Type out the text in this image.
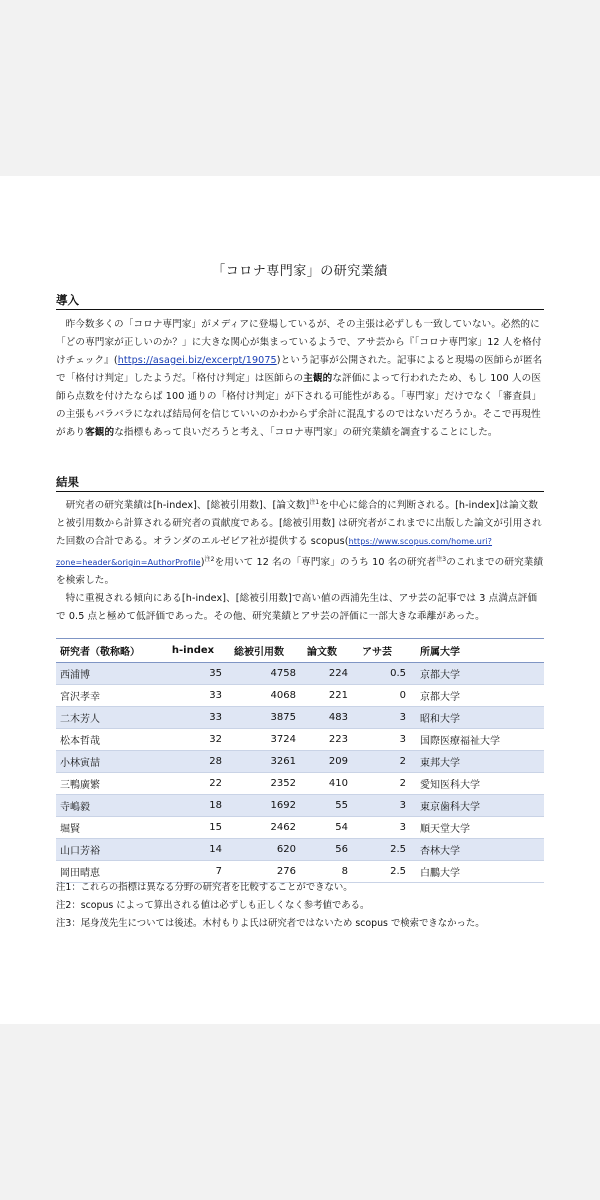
「コロナ専門家」の研究業績
導入

昨今数多くの「コロナ専門家」がメディアに登場しているが、その主張は必ずしも一致していない。必然的に「どの専門家が正しいのか？」に大きな関心が集まっているようで、アサ芸から『「コロナ専門家」12 人を格付けチェック』(https://asagei.biz/excerpt/19075)という記事が公開された。記事によると現場の医師らが匿名で「格付け判定」したようだ。「格付け判定」は医師らの主観的な評価によって行われたため、もし 100 人の医師ら点数を付けたならば 100 通りの「格付け判定」が下される可能性がある。「専門家」だけでなく「審査員」の主張もバラバラになれば結局何を信じていいのかわからず余計に混乱するのではないだろうか。そこで再現性があり客観的な指標もあって良いだろうと考え、「コロナ専門家」の研究業績を調査することにした。

結果

研究者の研究業績は[h-index]、[総被引用数]、[論文数]$^{注1}$を中心に総合的に判断される。[h-index]は論文数と被引用数から計算される研究者の貢献度である。[総被引用数] は研究者がこれまでに出版した論文が引用された回数の合計である。オランダのエルゼビア社が提供する scopus(https://www.scopus.com/home.uri?zone=header&origin=AuthorProfile)$^{注2}$を用いて 12 名の「専門家」のうち 10 名の研究者$^{注3}$のこれまでの研究業績を検索した。

特に重視される傾向にある[h-index]、[総被引用数]で高い値の西浦先生は、アサ芸の記事では 3 点満点評価で 0.5 点と極めて低評価であった。その他、研究業績とアサ芸の評価に一部大きな乖離があった。

研究者（敬称略）	h-index	総被引用数	論文数	アサ芸	所属大学
西浦博	35	4758	224	0.5	京都大学
宮沢孝幸	33	4068	221	0	京都大学
二木芳人	33	3875	483	3	昭和大学
松本哲哉	32	3724	223	3	国際医療福祉大学
小林寅喆	28	3261	209	2	東邦大学
三鴨廣繁	22	2352	410	2	愛知医科大学
寺嶋毅	18	1692	55	3	東京歯科大学
堀賢	15	2462	54	3	順天堂大学
山口芳裕	14	620	56	2.5	杏林大学
岡田晴恵	7	276	8	2.5	白鵬大学
注1：これらの指標は異なる分野の研究者を比較することができない。
注2：scopus によって算出される値は必ずしも正しくなく参考値である。
注3：尾身茂先生については後述。木村もりよ氏は研究者ではないため scopus で検索できなかった。
